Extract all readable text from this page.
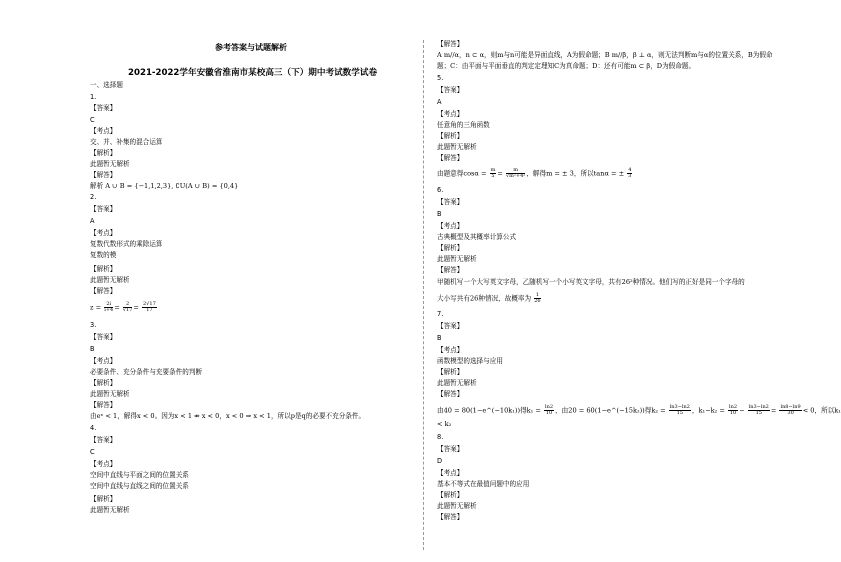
参考答案与试题解析
2021-2022学年安徽省淮南市某校高三（下）期中考试数学试卷
一、选择题
1.
【答案】
C
【考点】
交、并、补集的混合运算
【解析】
此题暂无解析
【解答】
解析 A ∪ B = {−1,1,2,3}, ∁U(A ∪ B) = {0,4}
2.
【答案】
A
【考点】
复数代数形式的乘除运算
复数的模
【解析】
此题暂无解析
【解答】
$z = \frac{2i}{i+4} = \frac{2}{√17} = \frac{2√17}{17}$
3.
【答案】
B
【考点】
必要条件、充分条件与充要条件的判断
【解析】
此题暂无解析
【解答】
由eˣ < 1，解得x < 0。因为x < 1 ⇏ x < 0，x < 0 ⇒ x < 1，所以p是q的必要不充分条件。
4.
【答案】
C
【考点】
空间中直线与平面之间的位置关系
空间中直线与直线之间的位置关系
【解析】
此题暂无解析
【解答】
A m//α，n ⊂ α，则m与n可能是异面直线，A为假命题；B m//β，β ⊥ α，则无法判断m与α的位置关系，B为假命
题；C：由平面与平面垂直的判定定理知C为真命题；D：还有可能m ⊂ β，D为假命题。
5.
【答案】
A
【考点】
任意角的三角函数
【解析】
此题暂无解析
【解答】
由题意得$\cos\alpha = \frac{m}{5} = \frac{m}{\text{√m²+4²}}$ ，解得m = ± 3，所以tanα = ± $\frac{4}{3}$
6.
【答案】
B
【考点】
古典概型及其概率计算公式
【解析】
此题暂无解析
【解答】
甲随机写一个大写英文字母，乙随机写一个小写英文字母，共有26²种情况。他们写的正好是同一个字母的
大小写共有26种情况，故概率为 $\frac{1}{26}$
7.
【答案】
B
【考点】
函数模型的选择与应用
【解析】
此题暂无解析
【解答】
由40 = 80(1−e^(−10k₁))得$k_1 = \frac{\ln 2}{10}$ ，由20 = 60(1−e^(−15k₂))得$k_2 = \frac{\ln 3-\ln 2}{15}$ ，$k_1-k_2 = \frac{\ln 2}{10} - \frac{\ln 3-\ln 2}{15} = \frac{\ln 8-\ln 9}{30} < 0$，所以k₁
< k₂
8.
【答案】
D
【考点】
基本不等式在最值问题中的应用
【解析】
此题暂无解析
【解答】
